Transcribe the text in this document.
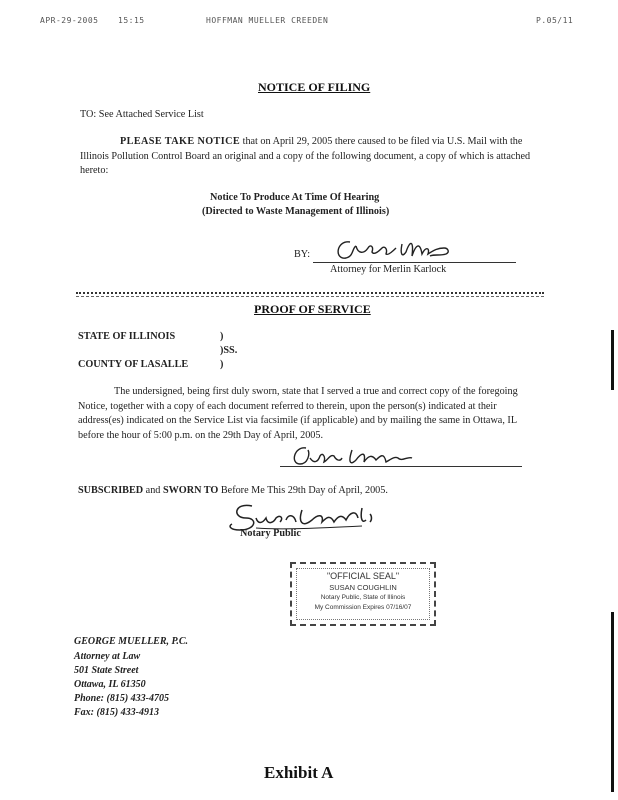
APR-29-2005 15:15	HOFFMAN MUELLER CREEDEN	P.05/11
NOTICE OF FILING
TO: See Attached Service List
PLEASE TAKE NOTICE that on April 29, 2005 there caused to be filed via U.S. Mail with the Illinois Pollution Control Board an original and a copy of the following document, a copy of which is attached hereto:
Notice To Produce At Time Of Hearing
(Directed to Waste Management of Illinois)
BY:
Attorney for Merlin Karlock
PROOF OF SERVICE
STATE OF ILLINOIS	)
)SS.
COUNTY OF LASALLE	)
The undersigned, being first duly sworn, state that I served a true and correct copy of the foregoing Notice, together with a copy of each document referred to therein, upon the person(s) indicated at their address(es) indicated on the Service List via facsimile (if applicable) and by mailing the same in Ottawa, IL before the hour of 5:00 p.m. on the 29th Day of April, 2005.
SUBSCRIBED and SWORN TO Before Me This 29th Day of April, 2005.
Notary Public
"OFFICIAL SEAL"
SUSAN COUGHLIN
Notary Public, State of Illinois
My Commission Expires 07/16/07
GEORGE MUELLER, P.C.
Attorney at Law
501 State Street
Ottawa, IL 61350
Phone: (815) 433-4705
Fax: (815) 433-4913
Exhibit A
